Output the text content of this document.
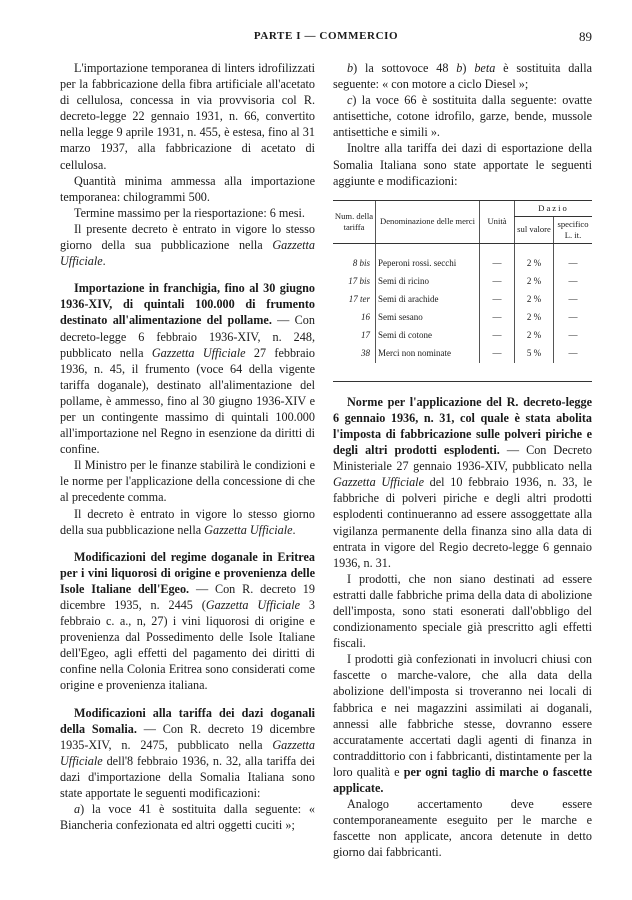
PARTE I — COMMERCIO	89

L'importazione temporanea di linters idrofilizzati per la fabbricazione della fibra artificiale all'acetato di cellulosa, concessa in via provvisoria col R. decreto-legge 22 gennaio 1931, n. 66, convertito nella legge 9 aprile 1931, n. 455, è estesa, fino al 31 marzo 1937, alla fabbricazione di acetato di cellulosa.

Quantità minima ammessa alla importazione temporanea: chilogrammi 500.

Termine massimo per la riesportazione: 6 mesi.

Il presente decreto è entrato in vigore lo stesso giorno della sua pubblicazione nella Gazzetta Ufficiale.

Importazione in franchigia, fino al 30 giugno 1936-XIV, di quintali 100.000 di frumento destinato all'alimentazione del pollame. — Con decreto-legge 6 febbraio 1936-XIV, n. 248, pubblicato nella Gazzetta Ufficiale 27 febbraio 1936, n. 45, il frumento (voce 64 della vigente tariffa doganale), destinato all'alimentazione del pollame, è ammesso, fino al 30 giugno 1936-XIV e per un contingente massimo di quintali 100.000 all'importazione nel Regno in esenzione da diritti di confine.

Il Ministro per le finanze stabilirà le condizioni e le norme per l'applicazione della concessione di che al precedente comma.

Il decreto è entrato in vigore lo stesso giorno della sua pubblicazione nella Gazzetta Ufficiale.

Modificazioni del regime doganale in Eritrea per i vini liquorosi di origine e provenienza delle Isole Italiane dell'Egeo. — Con R. decreto 19 dicembre 1935, n. 2445 (Gazzetta Ufficiale 3 febbraio c. a., n, 27) i vini liquorosi di origine e provenienza dal Possedimento delle Isole Italiane dell'Egeo, agli effetti del pagamento dei diritti di confine nella Colonia Eritrea sono considerati come origine e provenienza italiana.

Modificazioni alla tariffa dei dazi doganali della Somalia. — Con R. decreto 19 dicembre 1935-XIV, n. 2475, pubblicato nella Gazzetta Ufficiale dell'8 febbraio 1936, n. 32, alla tariffa dei dazi d'importazione della Somalia Italiana sono state apportate le seguenti modificazioni:

a) la voce 41 è sostituita dalla seguente: « Biancheria confezionata ed altri oggetti cuciti »;

b) la sottovoce 48 b) beta è sostituita dalla seguente: « con motore a ciclo Diesel »;

c) la voce 66 è sostituita dalla seguente: ovatte antisettiche, cotone idrofilo, garze, bende, mussole antisettiche e simili ».

Inoltre alla tariffa dei dazi di esportazione della Somalia Italiana sono state apportate le seguenti aggiunte e modificazioni:

Num. della tariffa	Denominazione delle merci	Unità	Dazio	
			sul valore	specifico L. it.
8 bis	Peperoni rossi. secchi	—	2 %	—
17 bis	Semi di ricino	—	2 %	—
17 ter	Semi di arachide	—	2 %	—
16	Semi sesano	—	2 %	—
17	Semi di cotone	—	2 %	—
38	Merci non nominate	—	5 %	—

Norme per l'applicazione del R. decreto-legge 6 gennaio 1936, n. 31, col quale è stata abolita l'imposta di fabbricazione sulle polveri piriche e degli altri prodotti esplodenti. — Con Decreto Ministeriale 27 gennaio 1936-XIV, pubblicato nella Gazzetta Ufficiale del 10 febbraio 1936, n. 33, le fabbriche di polveri piriche e degli altri prodotti esplodenti continueranno ad essere assoggettate alla vigilanza permanente della finanza sino alla data di entrata in vigore del Regio decreto-legge 6 gennaio 1936, n. 31.

I prodotti, che non siano destinati ad essere estratti dalle fabbriche prima della data di abolizione dell'imposta, sono stati esonerati dall'obbligo del condizionamento speciale già prescritto agli effetti fiscali.

I prodotti già confezionati in involucri chiusi con fascette o marche-valore, che alla data della abolizione dell'imposta si troveranno nei locali di fabbrica e nei magazzini assimilati ai doganali, annessi alle fabbriche stesse, dovranno essere accuratamente accertati dagli agenti di finanza in contraddittorio con i fabbricanti, distintamente per la loro qualità e per ogni taglio di marche o fascette applicate.

Analogo accertamento deve essere contemporaneamente eseguito per le marche e fascette non applicate, ancora detenute in detto giorno dai fabbricanti.
